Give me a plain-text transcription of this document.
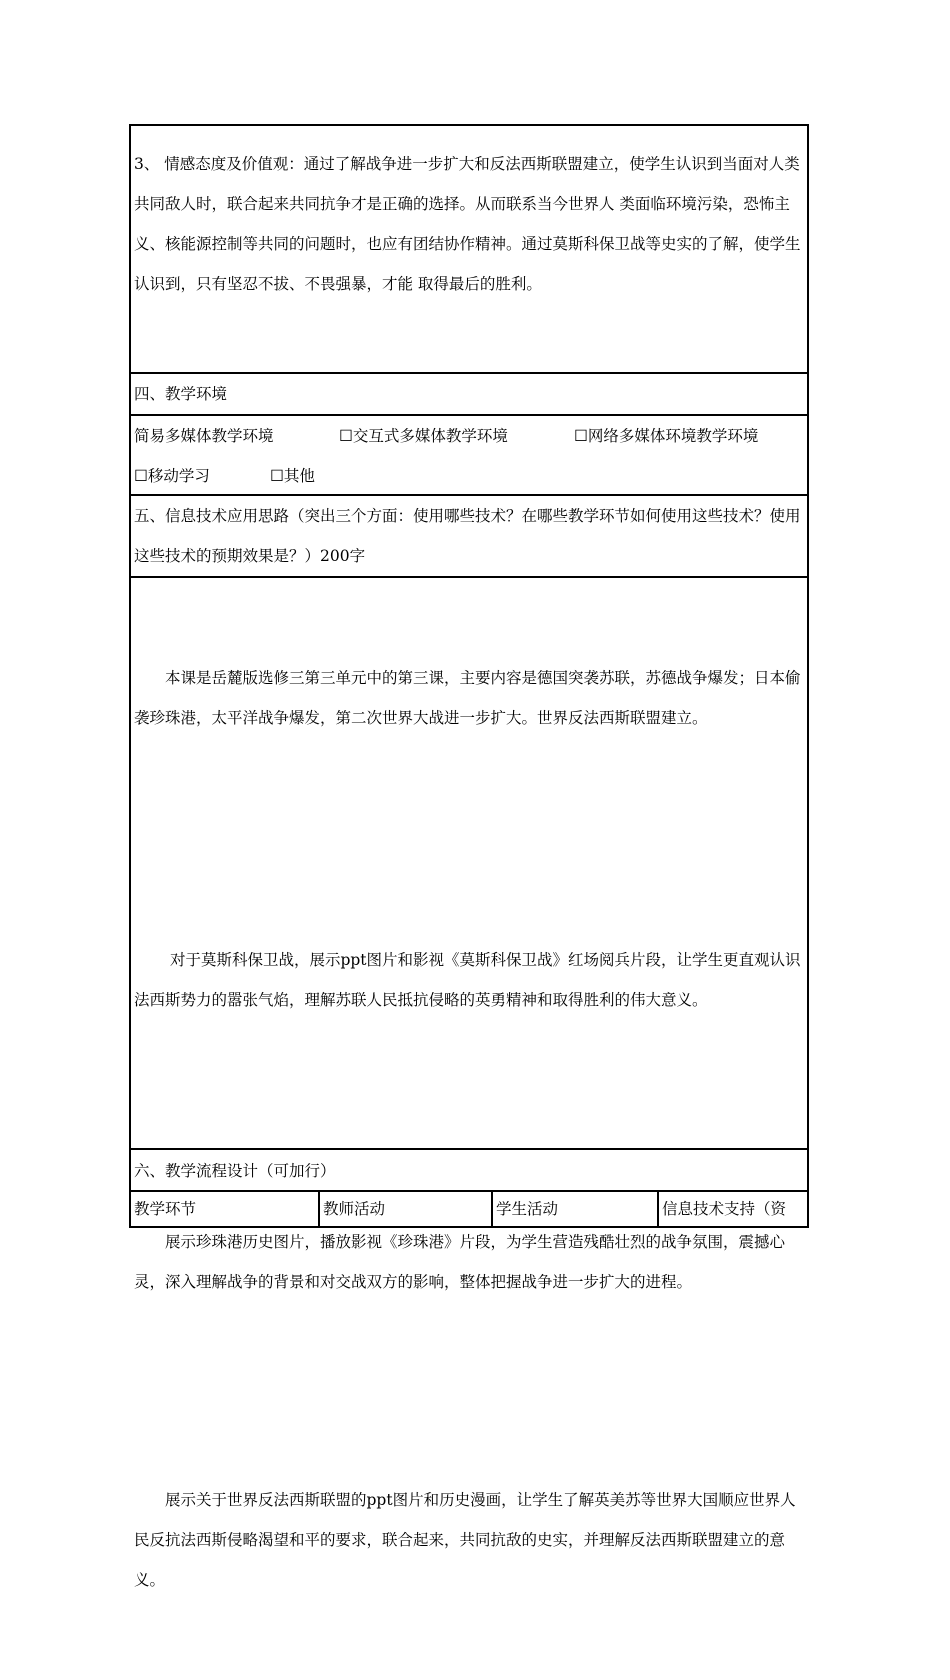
3、 情感态度及价值观：通过了解战争进一步扩大和反法西斯联盟建立，使学生认识到当面对人类共同敌人时，联合起来共同抗争才是正确的选择。从而联系当今世界人 类面临环境污染，恐怖主义、核能源控制等共同的问题时，也应有团结协作精神。通过莫斯科保卫战等史实的了解，使学生认识到，只有坚忍不拔、不畏强暴，才能 取得最后的胜利。

四、教学环境

简易多媒体教学环境	☐交互式多媒体教学环境	☐网络多媒体环境教学环境
☐移动学习	☐其他

五、信息技术应用思路（突出三个方面：使用哪些技术？在哪些教学环节如何使用这些技术？使用这些技术的预期效果是？）200字

本课是岳麓版选修三第三单元中的第三课，主要内容是德国突袭苏联，苏德战争爆发；日本偷袭珍珠港，太平洋战争爆发，第二次世界大战进一步扩大。世界反法西斯联盟建立。

对于莫斯科保卫战，展示ppt图片和影视《莫斯科保卫战》红场阅兵片段，让学生更直观认识法西斯势力的嚣张气焰，理解苏联人民抵抗侵略的英勇精神和取得胜利的伟大意义。

展示珍珠港历史图片，播放影视《珍珠港》片段，为学生营造残酷壮烈的战争氛围，震撼心灵，深入理解战争的背景和对交战双方的影响，整体把握战争进一步扩大的进程。

展示关于世界反法西斯联盟的ppt图片和历史漫画，让学生了解英美苏等世界大国顺应世界人民反抗法西斯侵略渴望和平的要求，联合起来，共同抗敌的史实，并理解反法西斯联盟建立的意义。

六、教学流程设计（可加行）

教学环节	教师活动	学生活动	信息技术支持（资
